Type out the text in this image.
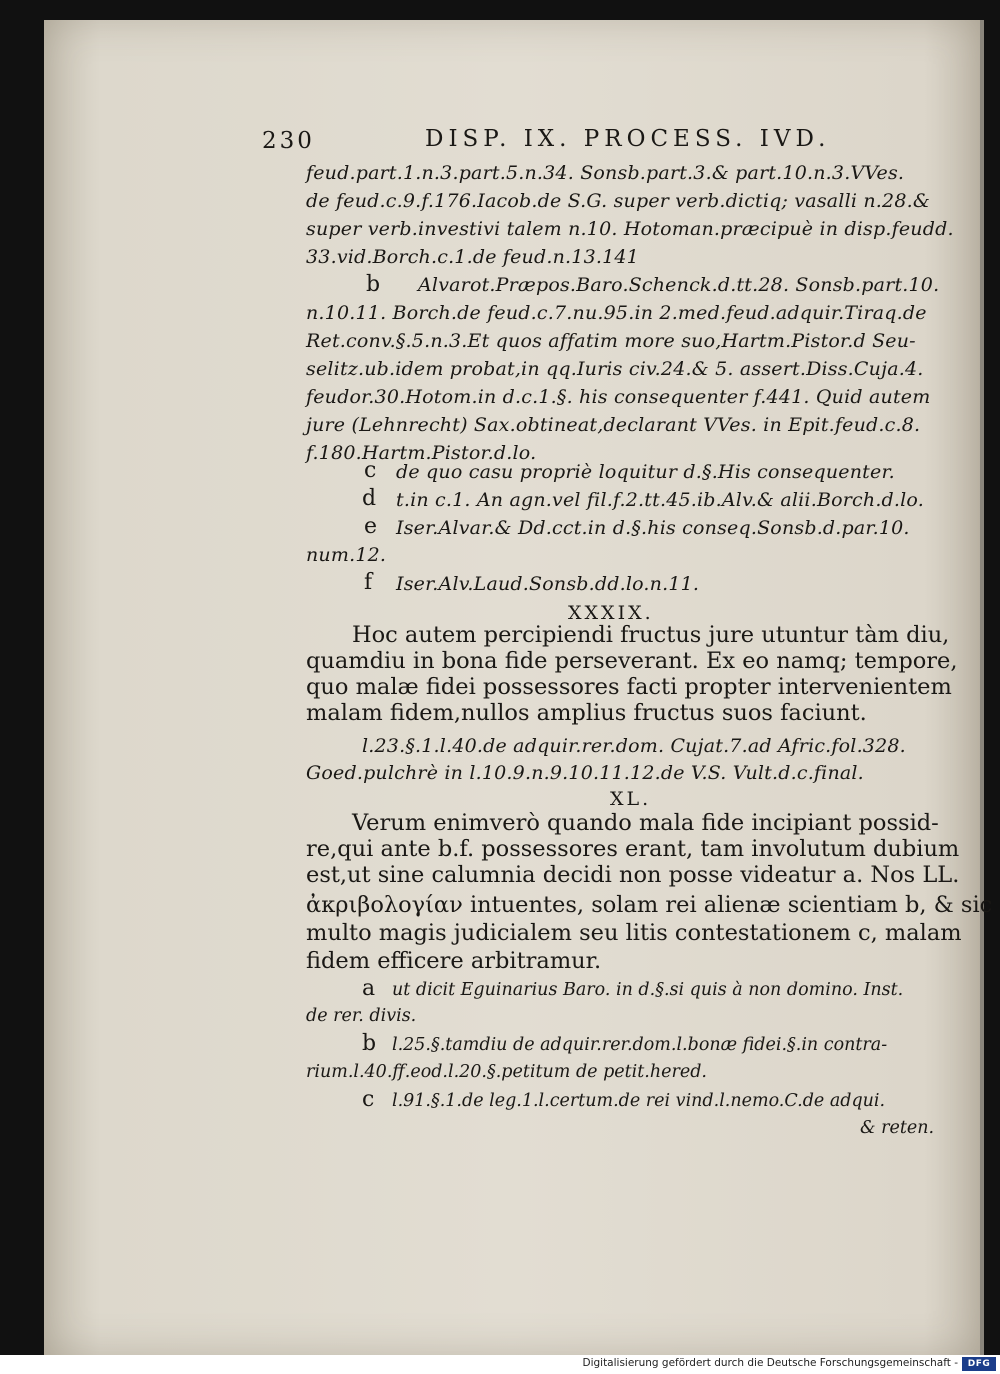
230	DISP. IX. PROCESS. IVD.
feud.part.1.n.3.part.5.n.34. Sonsb.part.3.& part.10.n.3.VVes.
de feud.c.9.f.176.Iacob.de S.G. super verb.dictiq; vasalli n.28.&
super verb.investivi talem n.10. Hotoman.præcipuè in disp.feudd.
33.vid.Borch.c.1.de feud.n.13.141
b Alvarot.Præpos.Baro.Schenck.d.tt.28. Sonsb.part.10.
n.10.11. Borch.de feud.c.7.nu.95.in 2.med.feud.adquir.Tiraq.de
Ret.conv.§.5.n.3.Et quos affatim more suo,Hartm.Pistor.d Seu-
selitz.ub.idem probat,in qq.Iuris civ.24.& 5. assert.Diss.Cuja.4.
feudor.30.Hotom.in d.c.1.§. his consequenter f.441. Quid autem
jure (Lehnrecht) Sax.obtineat,declarant VVes. in Epit.feud.c.8.
f.180.Hartm.Pistor.d.lo.
c de quo casu propriè loquitur d.§.His consequenter.
d t.in c.1. An agn.vel fil.f.2.tt.45.ib.Alv.& alii.Borch.d.lo.
e Iser.Alvar.& Dd.cct.in d.§.his conseq.Sonsb.d.par.10.
num.12.
f Iser.Alv.Laud.Sonsb.dd.lo.n.11.
XXXIX.
Hoc autem percipiendi fructus jure utuntur tàm diu,
quamdiu in bona fide perseverant. Ex eo namq; tempore,
quo malæ fidei possessores facti propter intervenientem
malam fidem,nullos amplius fructus suos faciunt.
l.23.§.1.l.40.de adquir.rer.dom. Cujat.7.ad Afric.fol.328.
Goed.pulchrè in l.10.9.n.9.10.11.12.de V.S. Vult.d.c.final.
XL.
Verum enimverò quando mala fide incipiant possid-
re,qui ante b.f. possessores erant, tam involutum dubium
est,ut sine calumnia decidi non posse videatur a. Nos LL.
ἀκριβολογίαν intuentes, solam rei alienæ scientiam b, & sic
multo magis judicialem seu litis contestationem c, malam
fidem efficere arbitramur.
a ut dicit Eguinarius Baro. in d.§.si quis à non domino. Inst.
de rer. divis.
b l.25.§.tamdiu de adquir.rer.dom.l.bonæ fidei.§.in contra-
rium.l.40.ff.eod.l.20.§.petitum de petit.hered.
c l.91.§.1.de leg.1.l.certum.de rei vind.l.nemo.C.de adqui.
& reten.
Digitalisierung gefördert durch die Deutsche Forschungsgemeinschaft -	DFG
